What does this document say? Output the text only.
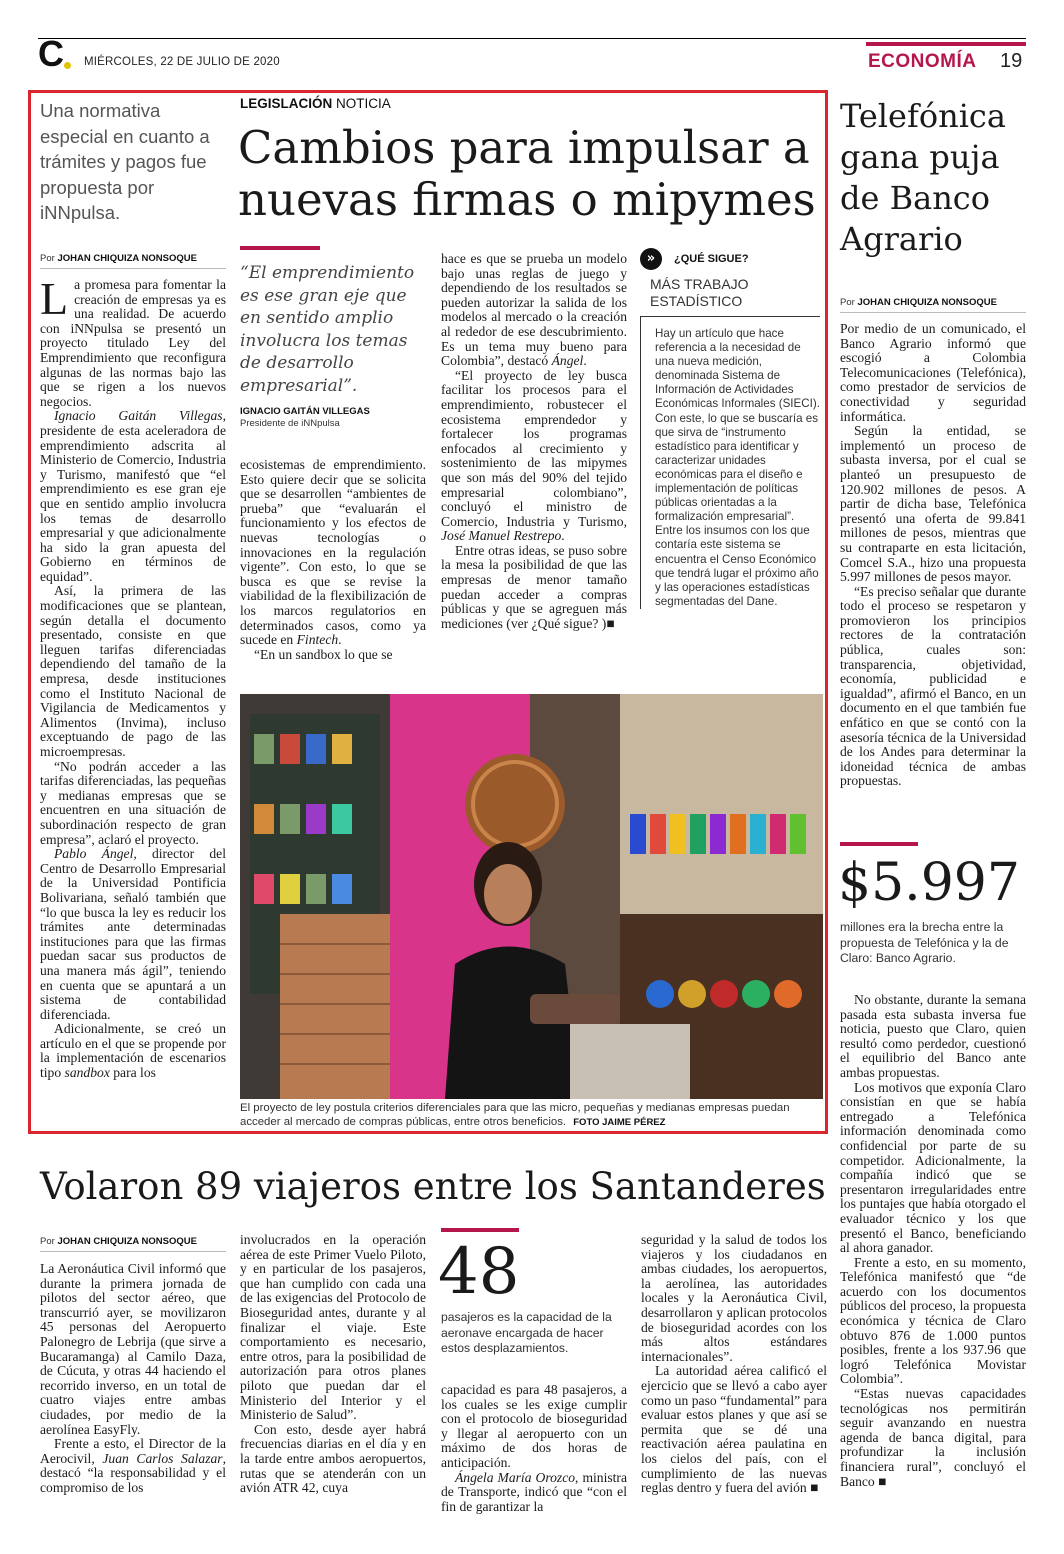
C MIÉRCOLES, 22 DE JULIO DE 2020	ECONOMÍA 19
Una normativa especial en cuanto a trámites y pagos fue propuesta por iNNpulsa.
LEGISLACIÓN NOTICIA
Cambios para impulsar a nuevas firmas o mipymes
Por JOHAN CHIQUIZA NONSOQUE

La promesa para fomentar la creación de empresas ya es una realidad. De acuerdo con iNNpulsa se presentó un proyecto titulado Ley del Emprendimiento que reconfigura algunas de las normas bajo las que se rigen a los nuevos negocios.

Ignacio Gaitán Villegas, presidente de esta aceleradora de emprendimiento adscrita al Ministerio de Comercio, Industria y Turismo, manifestó que “el emprendimiento es ese gran eje que en sentido amplio involucra los temas de desarrollo empresarial y que adicionalmente ha sido la gran apuesta del Gobierno en términos de equidad”.

Así, la primera de las modificaciones que se plantean, según detalla el documento presentado, consiste en que lleguen tarifas diferenciadas dependiendo del tamaño de la empresa, desde instituciones como el Instituto Nacional de Vigilancia de Medicamentos y Alimentos (Invima), incluso exceptuando de pago de las microempresas.

“No podrán acceder a las tarifas diferenciadas, las pequeñas y medianas empresas que se encuentren en una situación de subordinación respecto de gran empresa”, aclaró el proyecto.

Pablo Ángel, director del Centro de Desarrollo Empresarial de la Universidad Pontificia Bolivariana, señaló también que “lo que busca la ley es reducir los trámites ante determinadas instituciones para que las firmas puedan sacar sus productos de una manera más ágil”, teniendo en cuenta que se apuntará a un sistema de contabilidad diferenciada.

Adicionalmente, se creó un artículo en el que se propende por la implementación de escenarios tipo sandbox para los

“El emprendimiento es ese gran eje que en sentido amplio involucra los temas de desarrollo empresarial”.
IGNACIO GAITÁN VILLEGAS
Presidente de iNNpulsa

ecosistemas de emprendimiento. Esto quiere decir que se solicita que se desarrollen “ambientes de prueba” que “evaluarán el funcionamiento y los efectos de nuevas tecnologías o innovaciones en la regulación vigente”. Con esto, lo que se busca es que se revise la viabilidad de la flexibilización de los marcos regulatorios en determinados casos, como ya sucede en Fintech.

“En un sandbox lo que se

hace es que se prueba un modelo bajo unas reglas de juego y dependiendo de los resultados se pueden autorizar la salida de los modelos al mercado o la creación al rededor de ese descubrimiento. Es un tema muy bueno para Colombia”, destacó Ángel.

“El proyecto de ley busca facilitar los procesos para el emprendimiento, robustecer el ecosistema emprendedor y fortalecer los programas enfocados al crecimiento y sostenimiento de las mipymes que son más del 90% del tejido empresarial colombiano”, concluyó el ministro de Comercio, Industria y Turismo, José Manuel Restrepo.

Entre otras ideas, se puso sobre la mesa la posibilidad de que las empresas de menor tamaño puedan acceder a compras públicas y que se agreguen más mediciones (ver ¿Qué sigue? )■

»	¿QUÉ SIGUE?
MÁS TRABAJO ESTADÍSTICO
Hay un artículo que hace referencia a la necesidad de una nueva medición, denominada Sistema de Información de Actividades Económicas Informales (SIECI). Con este, lo que se buscaría es que sirva de “instrumento estadístico para identificar y caracterizar unidades económicas para el diseño e implementación de políticas públicas orientadas a la formalización empresarial”. Entre los insumos con los que contaría este sistema se encuentra el Censo Económico que tendrá lugar el próximo año y las operaciones estadísticas segmentadas del Dane.
El proyecto de ley postula criterios diferenciales para que las micro, pequeñas y medianas empresas puedan acceder al mercado de compras públicas, entre otros beneficios. FOTO JAIME PÉREZ
Telefónica gana puja de Banco Agrario
Por JOHAN CHIQUIZA NONSOQUE

Por medio de un comunicado, el Banco Agrario informó que escogió a Colombia Telecomunicaciones (Telefónica), como prestador de servicios de conectividad y seguridad informática.

Según la entidad, se implementó un proceso de subasta inversa, por el cual se planteó un presupuesto de 120.902 millones de pesos. A partir de dicha base, Telefónica presentó una oferta de 99.841 millones de pesos, mientras que su contraparte en esta licitación, Comcel S.A., hizo una propuesta 5.997 millones de pesos mayor.

“Es preciso señalar que durante todo el proceso se respetaron y promovieron los principios rectores de la contratación pública, cuales son: transparencia, objetividad, economía, publicidad e igualdad”, afirmó el Banco, en un documento en el que también fue enfático en que se contó con la asesoría técnica de la Universidad de los Andes para determinar la idoneidad técnica de ambas propuestas.

$5.997
millones era la brecha entre la propuesta de Telefónica y la de Claro: Banco Agrario.

No obstante, durante la semana pasada esta subasta inversa fue noticia, puesto que Claro, quien resultó como perdedor, cuestionó el equilibrio del Banco ante ambas propuestas.

Los motivos que exponía Claro consistían en que se había entregado a Telefónica información denominada como confidencial por parte de su competidor. Adicionalmente, la compañía indicó que se presentaron irregularidades entre los puntajes que había otorgado el evaluador técnico y los que presentó el Banco, beneficiando al ahora ganador.

Frente a esto, en su momento, Telefónica manifestó que “de acuerdo con los documentos públicos del proceso, la propuesta económica y técnica de Claro obtuvo 876 de 1.000 puntos posibles, frente a los 937.96 que logró Telefónica Movistar Colombia”.

“Estas nuevas capacidades tecnológicas nos permitirán seguir avanzando en nuestra agenda de banca digital, para profundizar la inclusión financiera rural”, concluyó el Banco ■

Volaron 89 viajeros entre los Santanderes
Por JOHAN CHIQUIZA NONSOQUE

La Aeronáutica Civil informó que durante la primera jornada de pilotos del sector aéreo, que transcurrió ayer, se movilizaron 45 personas del Aeropuerto Palonegro de Lebrija (que sirve a Bucaramanga) al Camilo Daza, de Cúcuta, y otras 44 haciendo el recorrido inverso, en un total de cuatro viajes entre ambas ciudades, por medio de la aerolínea EasyFly.

Frente a esto, el Director de la Aerocivil, Juan Carlos Salazar, destacó “la responsabilidad y el compromiso de los

involucrados en la operación aérea de este Primer Vuelo Piloto, y en particular de los pasajeros, que han cumplido con cada una de las exigencias del Protocolo de Bioseguridad antes, durante y al finalizar el viaje. Este comportamiento es necesario, entre otros, para la posibilidad de autorización para otros planes piloto que puedan dar el Ministerio del Interior y el Ministerio de Salud”.

Con esto, desde ayer habrá frecuencias diarias en el día y en la tarde entre ambos aeropuertos, rutas que se atenderán con un avión ATR 42, cuya

48
pasajeros es la capacidad de la aeronave encargada de hacer estos desplazamientos.

capacidad es para 48 pasajeros, a los cuales se les exige cumplir con el protocolo de bioseguridad y llegar al aeropuerto con un máximo de dos horas de anticipación.

Ángela María Orozco, ministra de Transporte, indicó que “con el fin de garantizar la

seguridad y la salud de todos los viajeros y los ciudadanos en ambas ciudades, los aeropuertos, la aerolínea, las autoridades locales y la Aeronáutica Civil, desarrollaron y aplican protocolos de bioseguridad acordes con los más altos estándares internacionales”.

La autoridad aérea calificó el ejercicio que se llevó a cabo ayer como un paso “fundamental” para evaluar estos planes y que así se permita que se dé una reactivación aérea paulatina en los cielos del país, con el cumplimiento de las nuevas reglas dentro y fuera del avión ■
